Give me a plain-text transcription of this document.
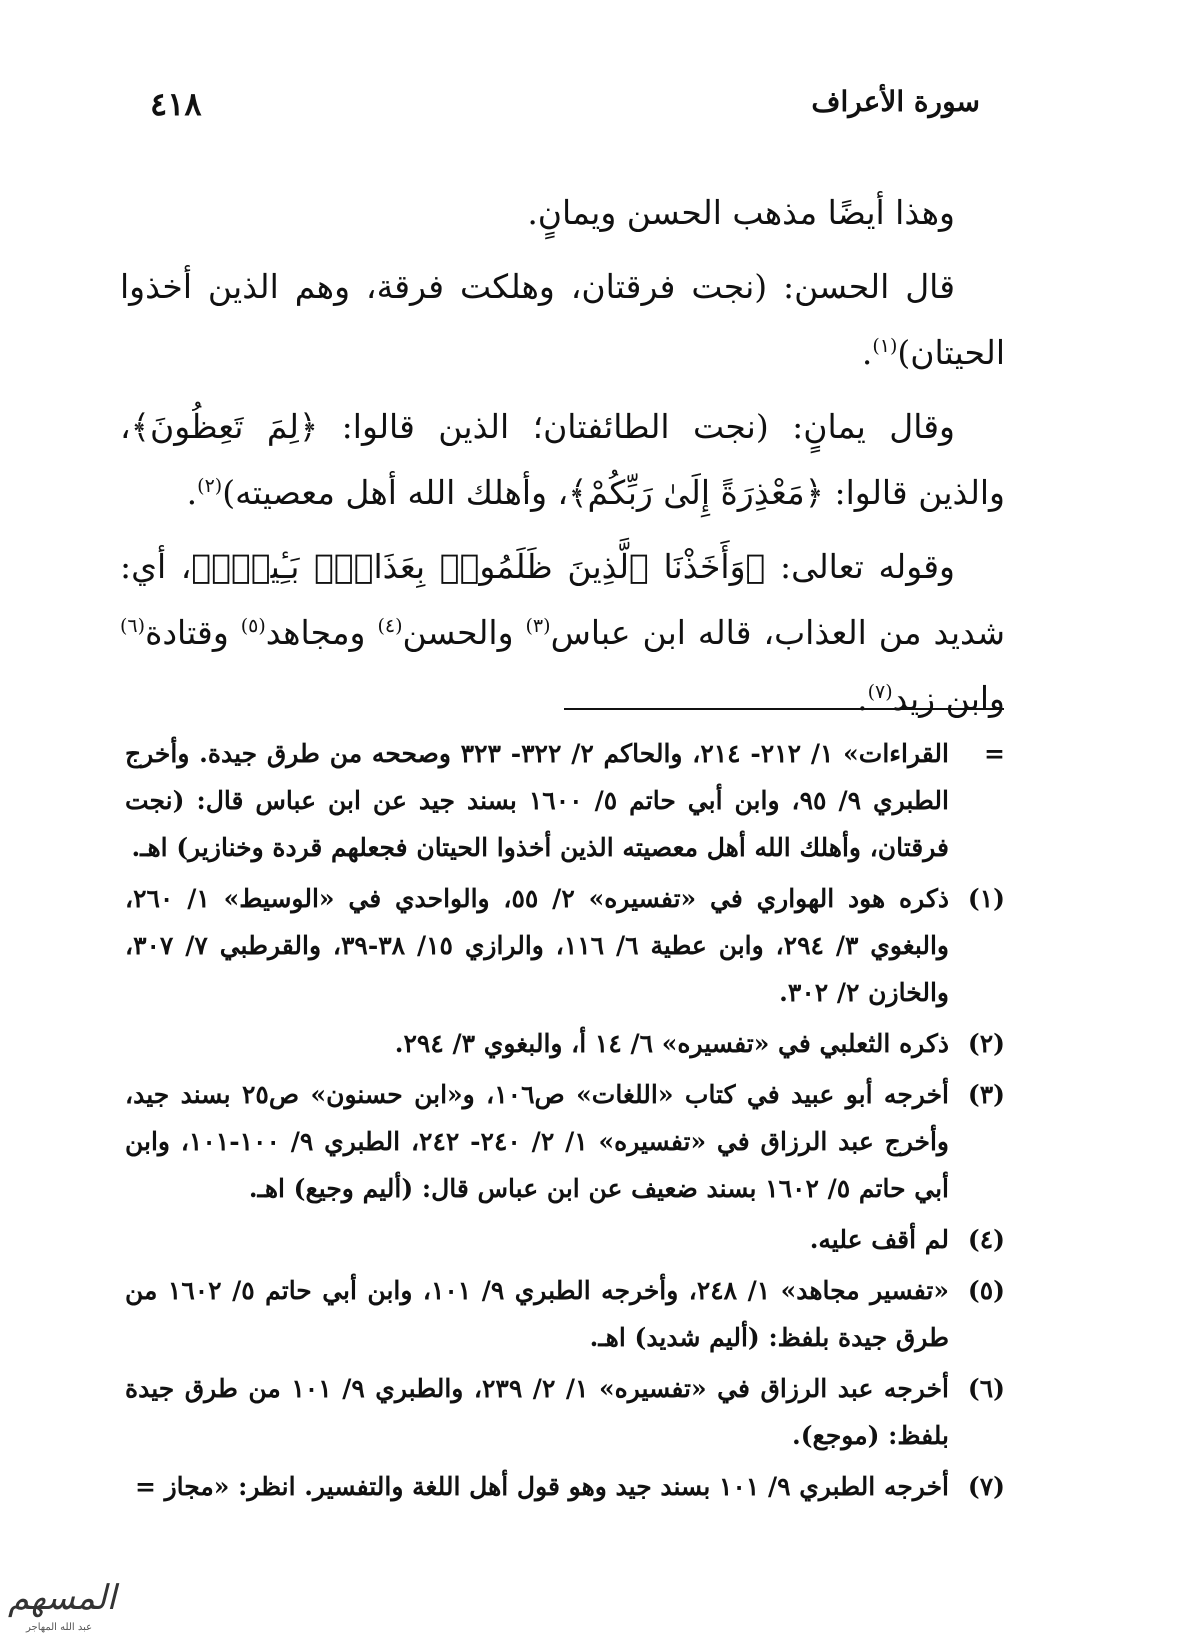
سورة الأعراف
٤١٨

وهذا أيضًا مذهب الحسن ويمانٍ.

قال الحسن: (نجت فرقتان، وهلكت فرقة، وهم الذين أخذوا الحيتان)$^{(١)}$.

وقال يمانٍ: (نجت الطائفتان؛ الذين قالوا: ﴿لِمَ تَعِظُونَ﴾، والذين قالوا: ﴿مَعْذِرَةً إِلَىٰ رَبِّكُمْ﴾، وأهلك الله أهل معصيته)$^{(٢)}$.

وقوله تعالى: ﴿وَأَخَذْنَا ٱلَّذِينَ ظَلَمُوا۟ بِعَذَابٍۭ بَـِٔيسٍۭ﴾، أي: شديد من العذاب، قاله ابن عباس$^{(٣)}$ والحسن$^{(٤)}$ ومجاهد$^{(٥)}$ وقتادة$^{(٦)}$ وابن زيد$^{(٧)}$.

=
القراءات» ١/ ٢١٢- ٢١٤، والحاكم ٢/ ٣٢٢- ٣٢٣ وصححه من طرق جيدة. وأخرج الطبري ٩/ ٩٥، وابن أبي حاتم ٥/ ١٦٠٠ بسند جيد عن ابن عباس قال: (نجت فرقتان، وأهلك الله أهل معصيته الذين أخذوا الحيتان فجعلهم قردة وخنازير) اهـ.
(١)
ذكره هود الهواري في «تفسيره» ٢/ ٥٥، والواحدي في «الوسيط» ١/ ٢٦٠، والبغوي ٣/ ٢٩٤، وابن عطية ٦/ ١١٦، والرازي ١٥/ ٣٨-٣٩، والقرطبي ٧/ ٣٠٧، والخازن ٢/ ٣٠٢.
(٢)
ذكره الثعلبي في «تفسيره» ٦/ ١٤ أ، والبغوي ٣/ ٢٩٤.
(٣)
أخرجه أبو عبيد في كتاب «اللغات» ص١٠٦، و«ابن حسنون» ص٢٥ بسند جيد، وأخرج عبد الرزاق في «تفسيره» ١/ ٢/ ٢٤٠- ٢٤٢، الطبري ٩/ ١٠٠-١٠١، وابن أبي حاتم ٥/ ١٦٠٢ بسند ضعيف عن ابن عباس قال: (أليم وجيع) اهـ.
(٤)
لم أقف عليه.
(٥)
«تفسير مجاهد» ١/ ٢٤٨، وأخرجه الطبري ٩/ ١٠١، وابن أبي حاتم ٥/ ١٦٠٢ من طرق جيدة بلفظ: (أليم شديد) اهـ.
(٦)
أخرجه عبد الرزاق في «تفسيره» ١/ ٢/ ٢٣٩، والطبري ٩/ ١٠١ من طرق جيدة بلفظ: (موجع).
(٧)
أخرجه الطبري ٩/ ١٠١ بسند جيد وهو قول أهل اللغة والتفسير. انظر: «مجاز =
المسهم
عبد الله المهاجر
